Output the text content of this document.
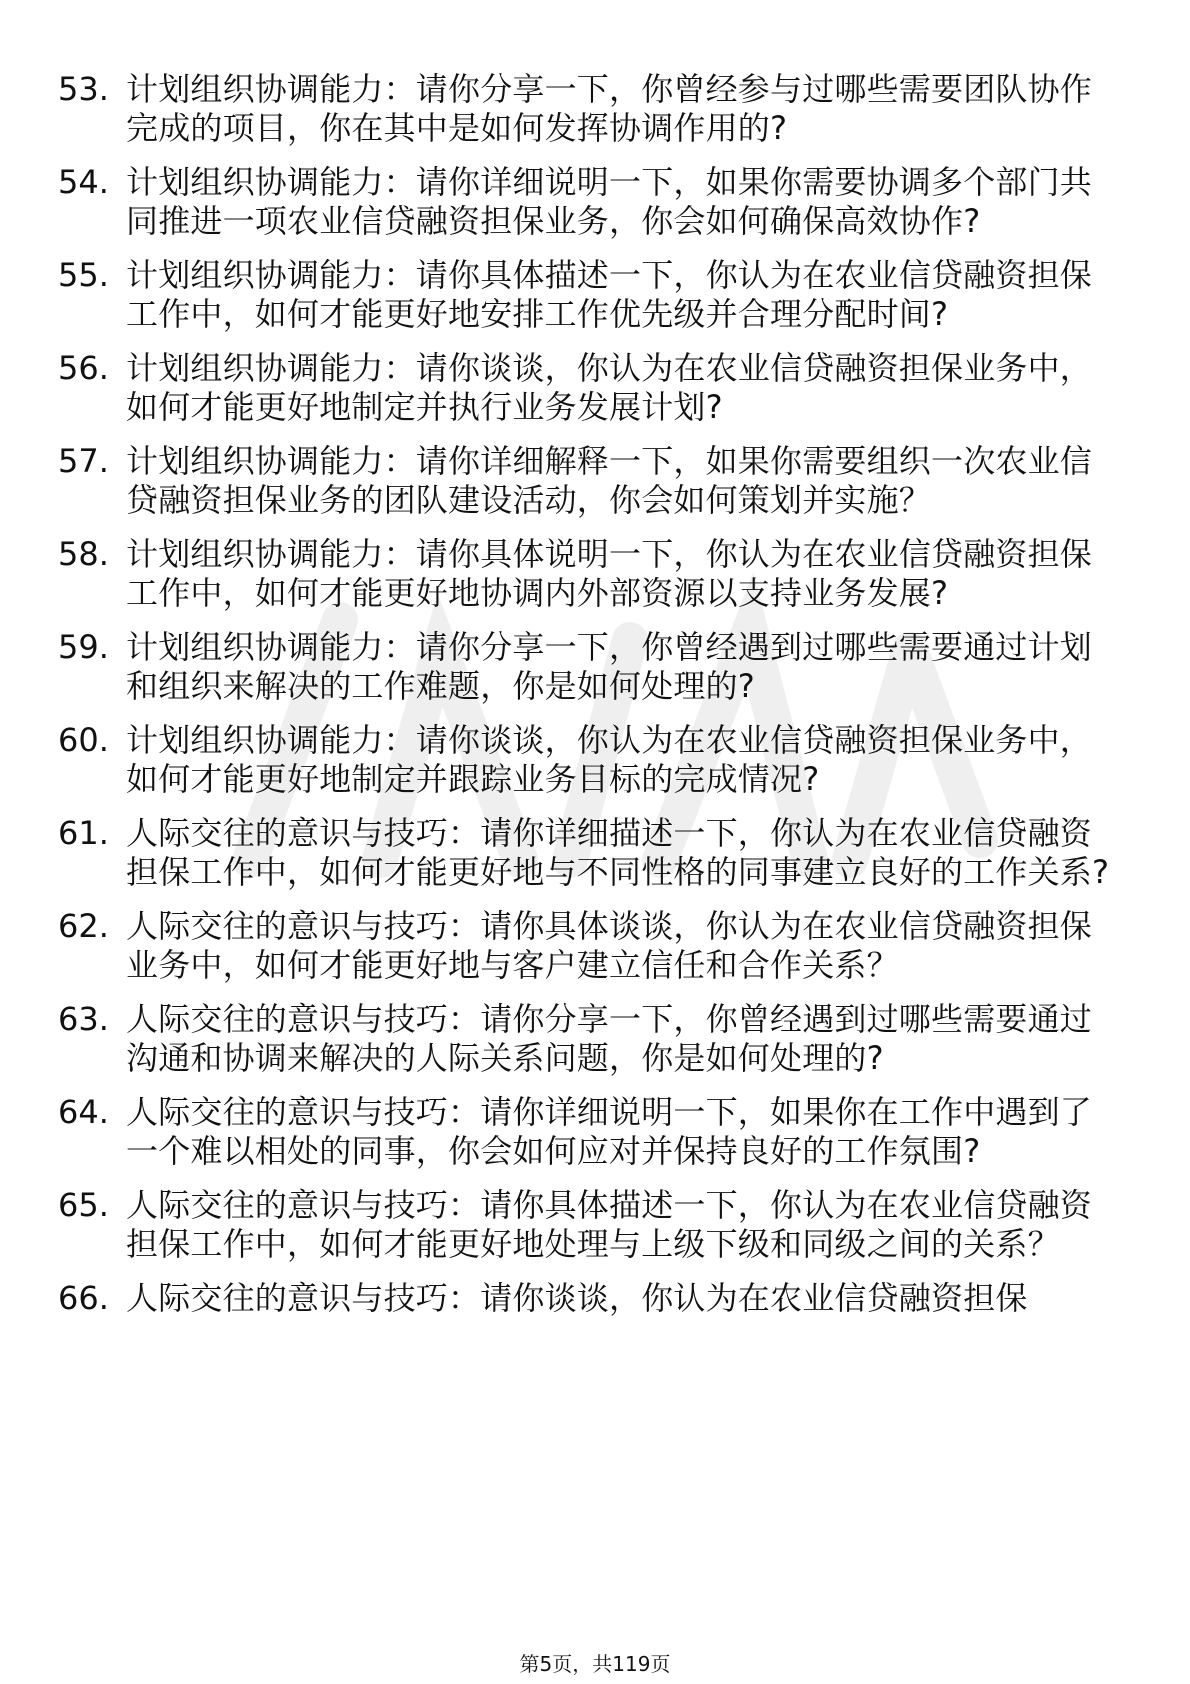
53. 计划组织协调能力：请你分享一下，你曾经参与过哪些需要团队协作完成的项目，你在其中是如何发挥协调作用的?
54. 计划组织协调能力：请你详细说明一下，如果你需要协调多个部门共同推进一项农业信贷融资担保业务，你会如何确保高效协作?
55. 计划组织协调能力：请你具体描述一下，你认为在农业信贷融资担保工作中，如何才能更好地安排工作优先级并合理分配时间?
56. 计划组织协调能力：请你谈谈，你认为在农业信贷融资担保业务中，如何才能更好地制定并执行业务发展计划?
57. 计划组织协调能力：请你详细解释一下，如果你需要组织一次农业信贷融资担保业务的团队建设活动，你会如何策划并实施？
58. 计划组织协调能力：请你具体说明一下，你认为在农业信贷融资担保工作中，如何才能更好地协调内外部资源以支持业务发展?
59. 计划组织协调能力：请你分享一下，你曾经遇到过哪些需要通过计划和组织来解决的工作难题，你是如何处理的?
60. 计划组织协调能力：请你谈谈，你认为在农业信贷融资担保业务中，如何才能更好地制定并跟踪业务目标的完成情况?
61. 人际交往的意识与技巧：请你详细描述一下，你认为在农业信贷融资担保工作中，如何才能更好地与不同性格的同事建立良好的工作关系?
62. 人际交往的意识与技巧：请你具体谈谈，你认为在农业信贷融资担保业务中，如何才能更好地与客户建立信任和合作关系？
63. 人际交往的意识与技巧：请你分享一下，你曾经遇到过哪些需要通过沟通和协调来解决的人际关系问题，你是如何处理的?
64. 人际交往的意识与技巧：请你详细说明一下，如果你在工作中遇到了一个难以相处的同事，你会如何应对并保持良好的工作氛围?
65. 人际交往的意识与技巧：请你具体描述一下，你认为在农业信贷融资担保工作中，如何才能更好地处理与上级下级和同级之间的关系？
66. 人际交往的意识与技巧：请你谈谈，你认为在农业信贷融资担保
第5页，共119页
